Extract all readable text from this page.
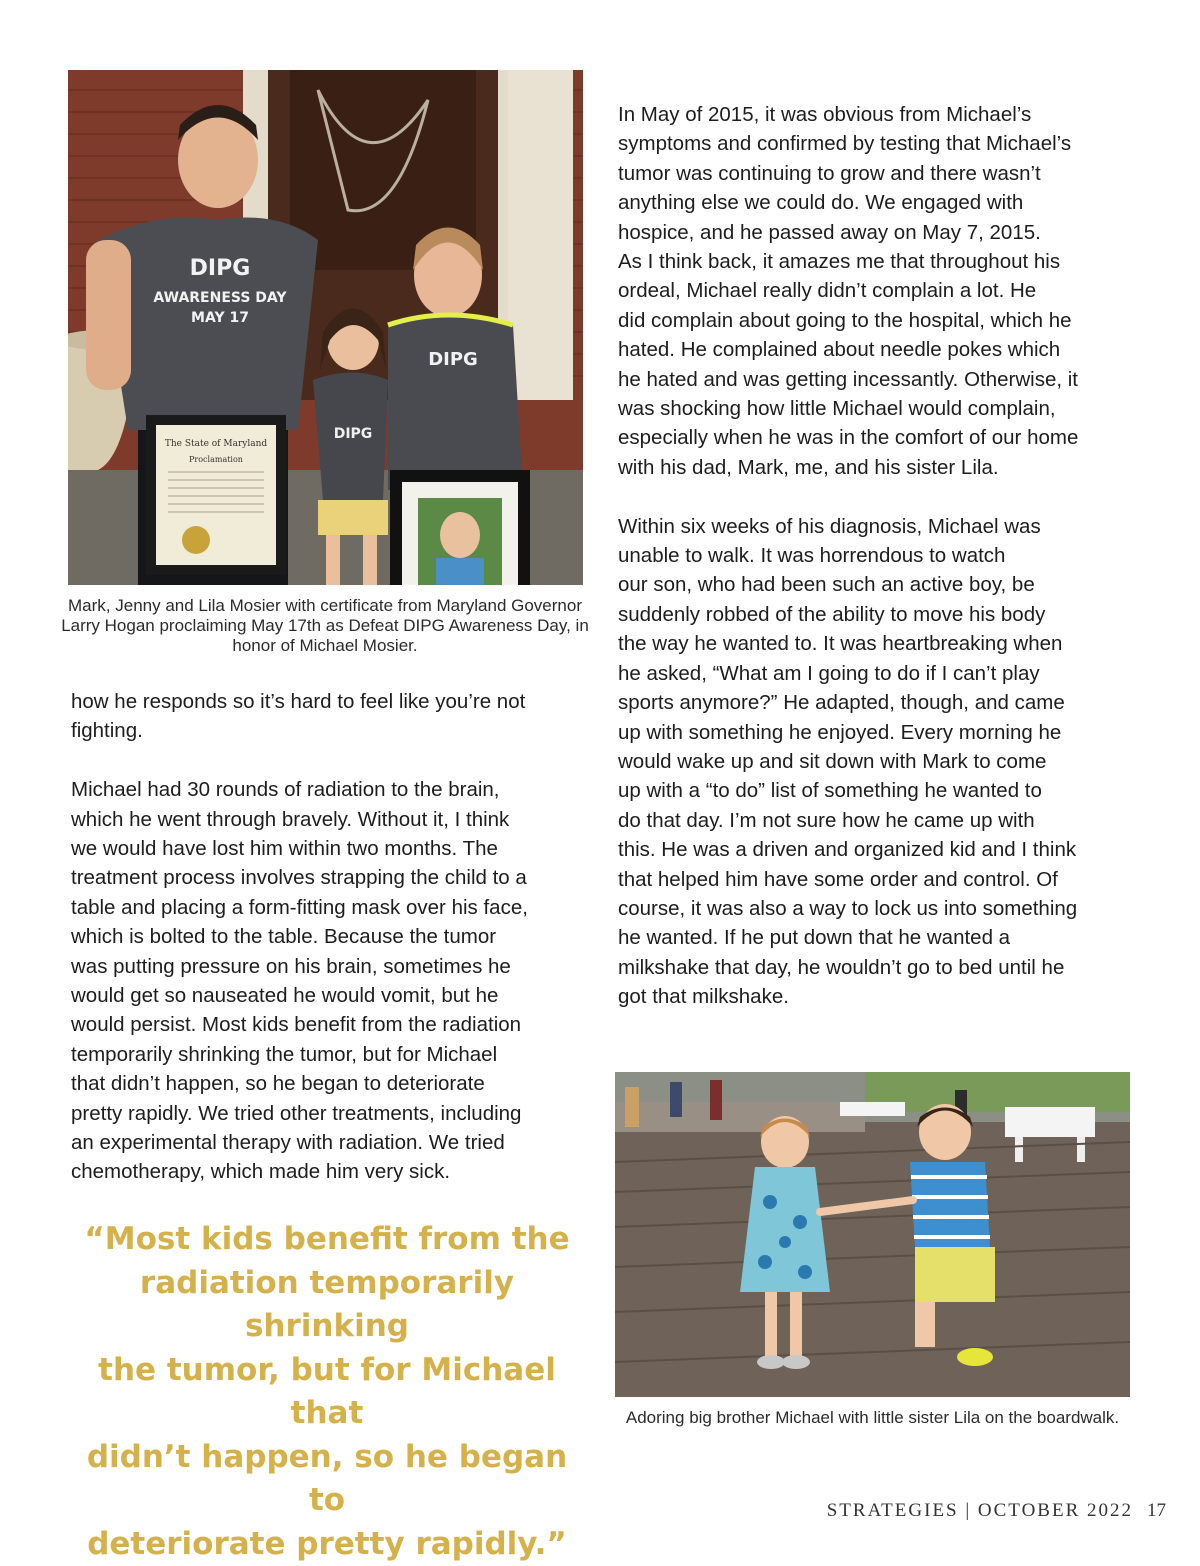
DIPG
AWARENESS DAY
MAY 17
The State of Maryland
Proclamation
DIPG
DIPG
Mark, Jenny and Lila Mosier with certificate from Maryland Governor Larry Hogan proclaiming May 17th as Defeat DIPG Awareness Day, in honor of Michael Mosier.

how he responds so it’s hard to feel like you’re not
fighting.

Michael had 30 rounds of radiation to the brain,
which he went through bravely. Without it, I think
we would have lost him within two months. The
treatment process involves strapping the child to a
table and placing a form-fitting mask over his face,
which is bolted to the table. Because the tumor
was putting pressure on his brain, sometimes he
would get so nauseated he would vomit, but he
would persist. Most kids benefit from the radiation
temporarily shrinking the tumor, but for Michael
that didn’t happen, so he began to deteriorate
pretty rapidly. We tried other treatments, including
an experimental therapy with radiation. We tried
chemotherapy, which made him very sick.

“Most kids benefit from the
radiation temporarily shrinking
the tumor, but for Michael that
didn’t happen, so he began to
deteriorate pretty rapidly.”

In May of 2015, it was obvious from Michael’s
symptoms and confirmed by testing that Michael’s
tumor was continuing to grow and there wasn’t
anything else we could do. We engaged with
hospice, and he passed away on May 7, 2015.
As I think back, it amazes me that throughout his
ordeal, Michael really didn’t complain a lot. He
did complain about going to the hospital, which he
hated. He complained about needle pokes which
he hated and was getting incessantly. Otherwise, it
was shocking how little Michael would complain,
especially when he was in the comfort of our home
with his dad, Mark, me, and his sister Lila.

Within six weeks of his diagnosis, Michael was
unable to walk. It was horrendous to watch
our son, who had been such an active boy, be
suddenly robbed of the ability to move his body
the way he wanted to. It was heartbreaking when
he asked, “What am I going to do if I can’t play
sports anymore?” He adapted, though, and came
up with something he enjoyed. Every morning he
would wake up and sit down with Mark to come
up with a “to do” list of something he wanted to
do that day. I’m not sure how he came up with
this. He was a driven and organized kid and I think
that helped him have some order and control. Of
course, it was also a way to lock us into something
he wanted. If he put down that he wanted a
milkshake that day, he wouldn’t go to bed until he
got that milkshake.

Adoring big brother Michael with little sister Lila on the boardwalk.
STRATEGIES | OCTOBER 2022 17
